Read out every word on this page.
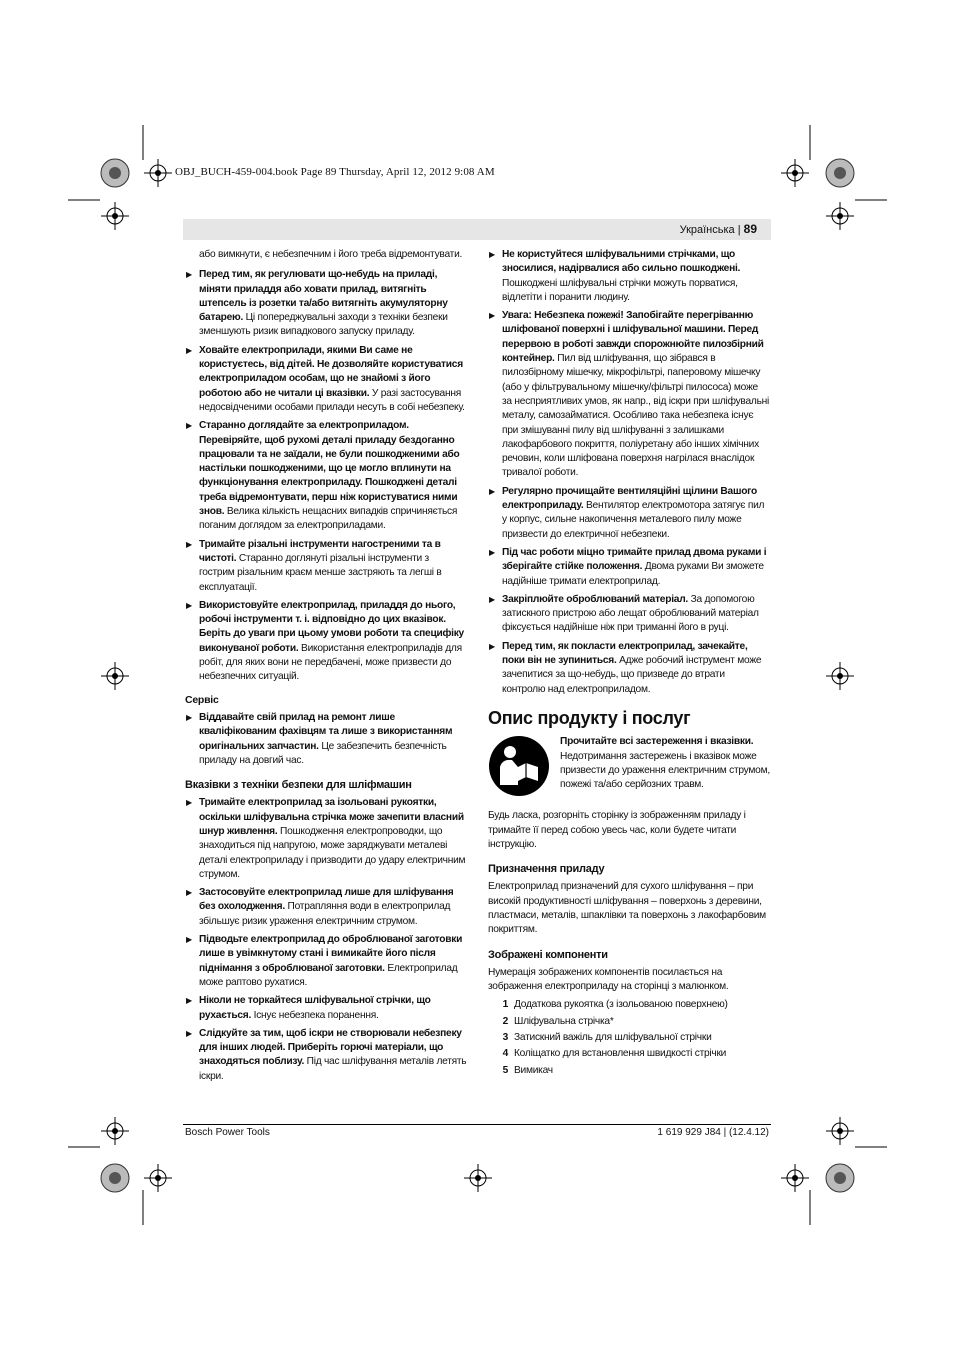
OBJ_BUCH-459-004.book Page 89 Thursday, April 12, 2012 9:08 AM
Українська | 89

або вимкнути, є небезпечним і його треба відремонтувати.

▶ Перед тим, як регулювати що-небудь на приладі, міняти приладдя або ховати прилад, витягніть штепсель із розетки та/або витягніть акумуляторну батарею. Ці попереджувальні заходи з техніки безпеки зменшують ризик випадкового запуску приладу.

▶ Ховайте електроприлади, якими Ви саме не користуєтесь, від дітей. Не дозволяйте користуватися електроприладом особам, що не знайомі з його роботою або не читали ці вказівки. У разі застосування недосвідченими особами прилади несуть в собі небезпеку.

▶ Старанно доглядайте за електроприладом. Перевіряйте, щоб рухомі деталі приладу бездоганно працювали та не заїдали, не були пошкодженими або настільки пошкодженими, що це могло вплинути на функціонування електроприладу. Пошкоджені деталі треба відремонтувати, перш ніж користуватися ними знов. Велика кількість нещасних випадків спричиняється поганим доглядом за електроприладами.

▶ Тримайте різальні інструменти нагостреними та в чистоті. Старанно доглянуті різальні інструменти з гострим різальним краєм менше застряють та легші в експлуатації.

▶ Використовуйте електроприлад, приладдя до нього, робочі інструменти т. і. відповідно до цих вказівок. Беріть до уваги при цьому умови роботи та специфіку виконуваної роботи. Використання електроприладів для робіт, для яких вони не передбачені, може призвести до небезпечних ситуацій.

Сервіс

▶ Віддавайте свій прилад на ремонт лише кваліфікованим фахівцям та лише з використанням оригінальних запчастин. Це забезпечить безпечність приладу на довгий час.

Вказівки з техніки безпеки для шліфмашин

▶ Тримайте електроприлад за ізольовані рукоятки, оскільки шліфувальна стрічка може зачепити власний шнур живлення. Пошкодження електропроводки, що знаходиться під напругою, може заряджувати металеві деталі електроприладу і призводити до удару електричним струмом.

▶ Застосовуйте електроприлад лише для шліфування без охолодження. Потрапляння води в електроприлад збільшує ризик ураження електричним струмом.

▶ Підводьте електроприлад до оброблюваної заготовки лише в увімкнутому стані і вимикайте його після піднімання з оброблюваної заготовки. Електроприлад може раптово рухатися.

▶ Ніколи не торкайтеся шліфувальної стрічки, що рухається. Існує небезпека поранення.

▶ Слідкуйте за тим, щоб іскри не створювали небезпеку для інших людей. Приберіть горючі матеріали, що знаходяться поблизу. Під час шліфування металів летять іскри.

▶ Не користуйтеся шліфувальними стрічками, що зносилися, надірвалися або сильно пошкоджені. Пошкоджені шліфувальні стрічки можуть порватися, відлетіти і поранити людину.

▶ Увага: Небезпека пожежі! Запобігайте перегріванню шліфованої поверхні і шліфувальної машини. Перед перервою в роботі завжди спорожнюйте пилозбірний контейнер. Пил від шліфування, що зібрався в пилозбірному мішечку, мікрофільтрі, паперовому мішечку (або у фільтрувальному мішечку/фільтрі пилососа) може за несприятливих умов, як напр., від іскри при шліфувальні металу, самозайматися. Особливо така небезпека існує при змішуванні пилу від шліфуванні з залишками лакофарбового покриття, поліуретану або інших хімічних речовин, коли шліфована поверхня нагрілася внаслідок тривалої роботи.

▶ Регулярно прочищайте вентиляційні щілини Вашого електроприладу. Вентилятор електромотора затягує пил у корпус, сильне накопичення металевого пилу може призвести до електричної небезпеки.

▶ Під час роботи міцно тримайте прилад двома руками і зберігайте стійке положення. Двома руками Ви зможете надійніше тримати електроприлад.

▶ Закріплюйте оброблюваний матеріал. За допомогою затискного пристрою або лещат оброблюваний матеріал фіксується надійніше ніж при триманні його в руці.

▶ Перед тим, як покласти електроприлад, зачекайте, поки він не зупиниться. Адже робочий інструмент може зачепитися за що-небудь, що призведе до втрати контролю над електроприладом.

Опис продукту і послуг

Прочитайте всі застереження і вказівки. Недотримання застережень і вказівок може призвести до ураження електричним струмом, пожежі та/або серйозних травм.

Будь ласка, розгорніть сторінку із зображенням приладу і тримайте її перед собою увесь час, коли будете читати інструкцію.

Призначення приладу

Електроприлад призначений для сухого шліфування – при високій продуктивності шліфування – поверхонь з деревини, пластмаси, металів, шпаклівки та поверхонь з лакофарбовим покриттям.

Зображені компоненти

Нумерація зображених компонентів посилається на зображення електроприладу на сторінці з малюнком.

1 Додаткова рукоятка (з ізольованою поверхнею)
2 Шліфувальна стрічка*
3 Затискний важіль для шліфувальної стрічки
4 Коліщатко для встановлення швидкості стрічки
5 Вимикач
Bosch Power Tools	1 619 929 J84 | (12.4.12)
